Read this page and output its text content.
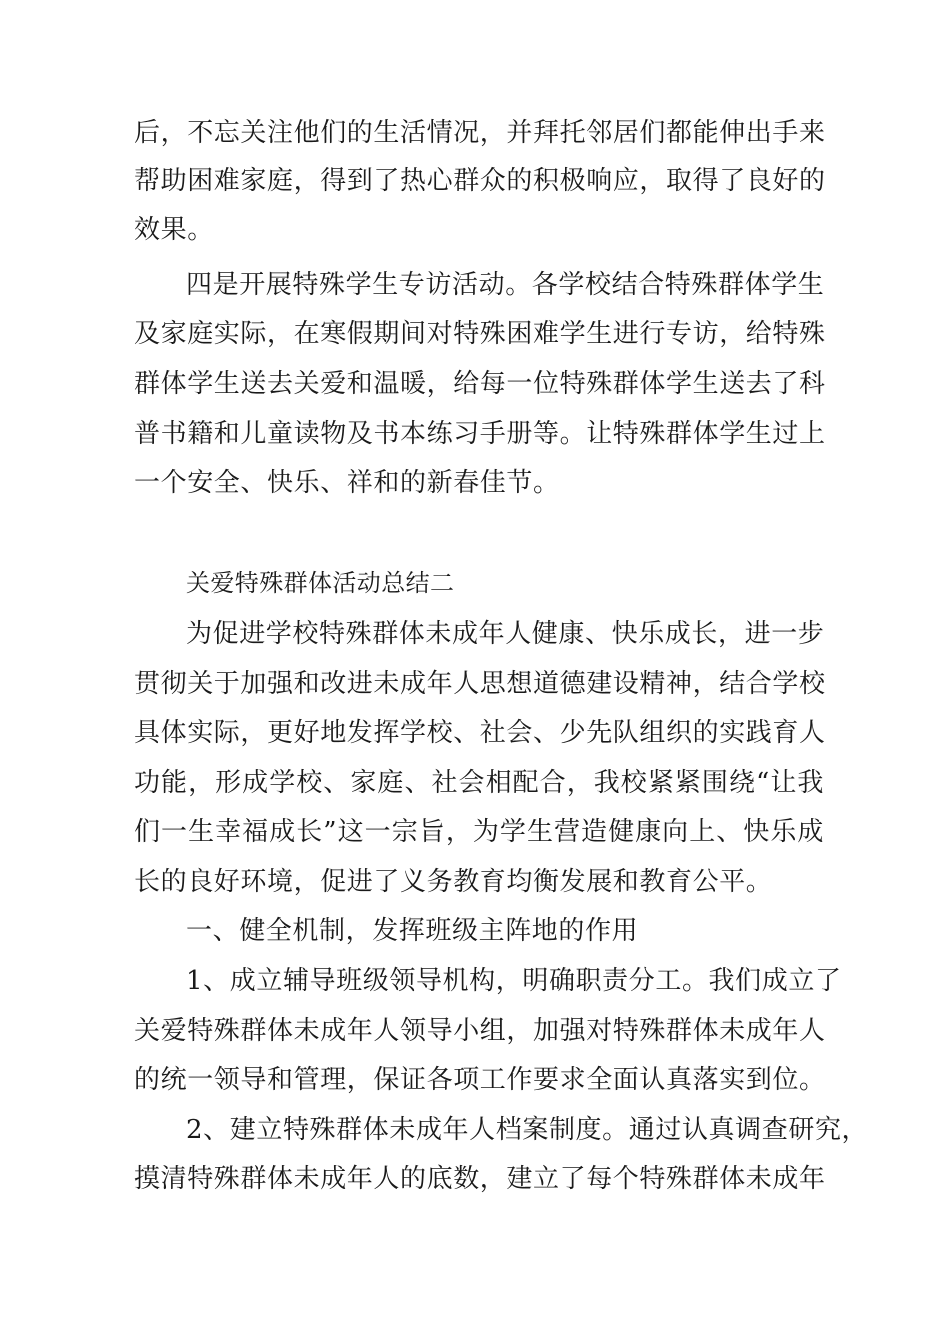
后，不忘关注他们的生活情况，并拜托邻居们都能伸出手来
帮助困难家庭，得到了热心群众的积极响应，取得了良好的
效果。
四是开展特殊学生专访活动。各学校结合特殊群体学生
及家庭实际，在寒假期间对特殊困难学生进行专访，给特殊
群体学生送去关爱和温暖，给每一位特殊群体学生送去了科
普书籍和儿童读物及书本练习手册等。让特殊群体学生过上
一个安全、快乐、祥和的新春佳节。
关爱特殊群体活动总结二
为促进学校特殊群体未成年人健康、快乐成长，进一步
贯彻关于加强和改进未成年人思想道德建设精神，结合学校
具体实际，更好地发挥学校、社会、少先队组织的实践育人
功能，形成学校、家庭、社会相配合，我校紧紧围绕“让我
们一生幸福成长”这一宗旨，为学生营造健康向上、快乐成
长的良好环境，促进了义务教育均衡发展和教育公平。
一、健全机制，发挥班级主阵地的作用
1、成立辅导班级领导机构，明确职责分工。我们成立了
关爱特殊群体未成年人领导小组，加强对特殊群体未成年人
的统一领导和管理，保证各项工作要求全面认真落实到位。
2、建立特殊群体未成年人档案制度。通过认真调查研究，
摸清特殊群体未成年人的底数，建立了每个特殊群体未成年
